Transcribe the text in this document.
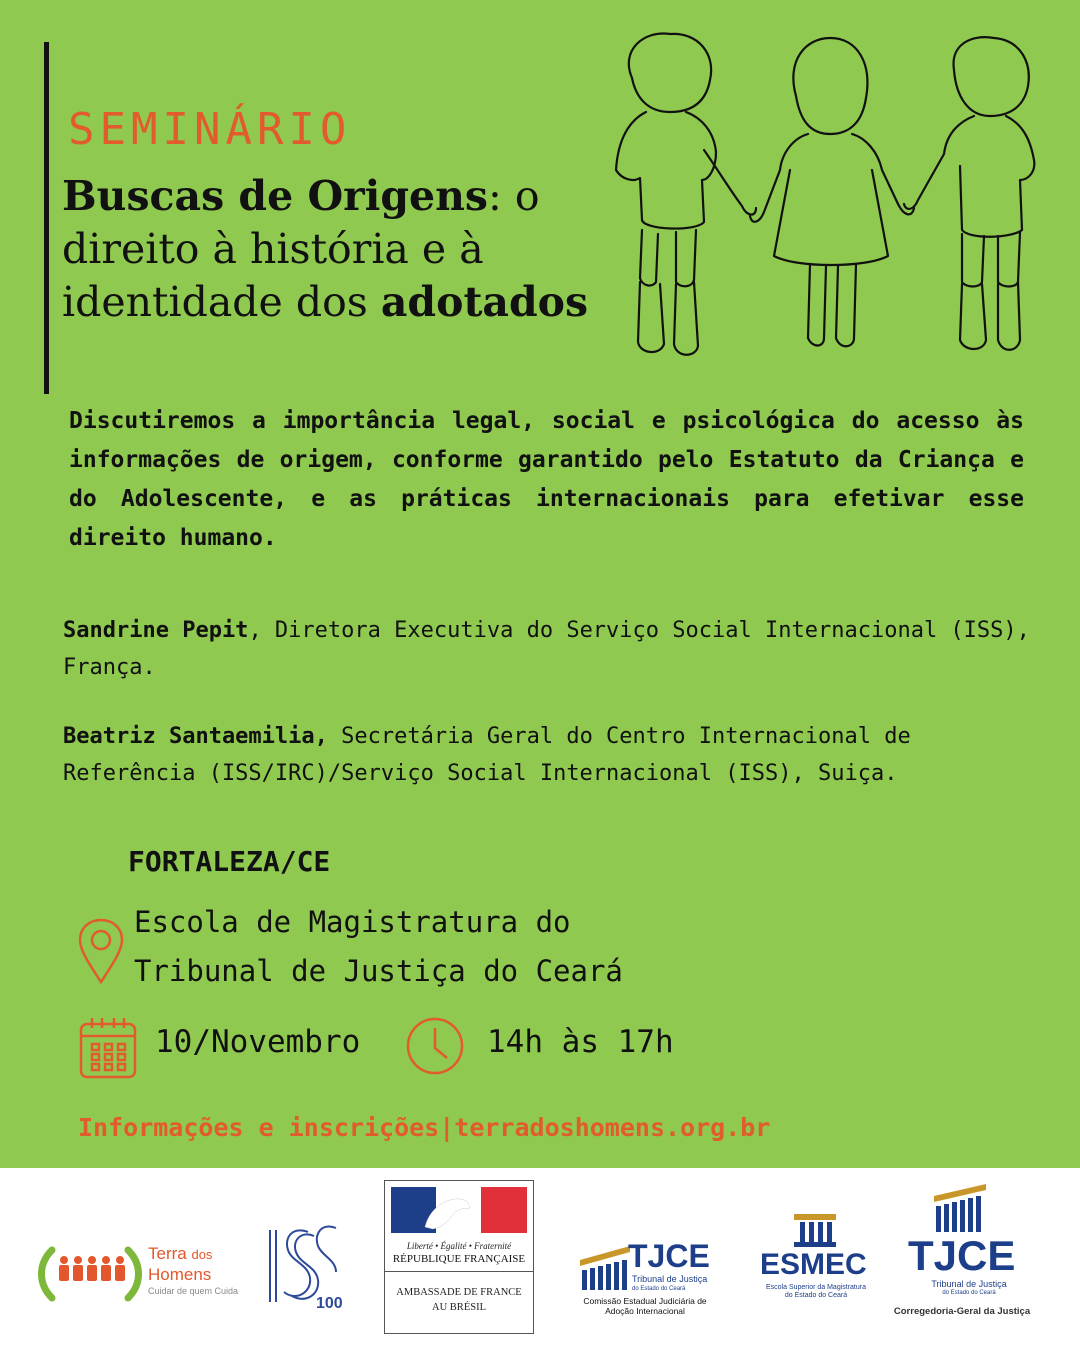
SEMINÁRIO
Buscas de Origens: o direito à história e à identidade dos adotados
Discutiremos a importância legal, social e psicológica do acesso às informações de origem, conforme garantido pelo Estatuto da Criança e do Adolescente, e as práticas internacionais para efetivar esse direito humano.
Sandrine Pepit, Diretora Executiva do Serviço Social Internacional (ISS), França.
Beatriz Santaemilia, Secretária Geral do Centro Internacional de Referência (ISS/IRC)/Serviço Social Internacional (ISS), Suiça.
FORTALEZA/CE
Escola de Magistratura do
Tribunal de Justiça do Ceará
10/Novembro	14h às 17h
Informações e inscrições|terradoshomens.org.br
Terra dos
Homens
Cuidar de quem Cuida
100
Liberté • Égalité • Fraternité
RÉPUBLIQUE FRANÇAISE
AMBASSADE DE FRANCE
AU BRÉSIL
TJCE
Tribunal de Justiça
do Estado do Ceará
Comissão Estadual Judiciária de
Adoção Internacional
ESMEC
Escola Superior da Magistratura
do Estado do Ceará
TJCE
Tribunal de Justiça
do Estado do Ceará
Corregedoria-Geral da Justiça
